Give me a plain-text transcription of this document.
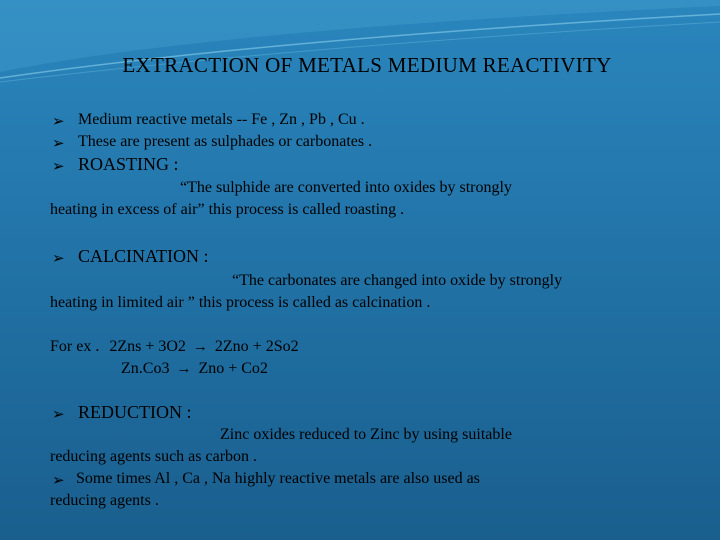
EXTRACTION OF METALS MEDIUM REACTIVITY
➢ Medium reactive metals -- Fe , Zn , Pb , Cu .
➢ These are present as sulphades or carbonates .
➢ ROASTING :
“The sulphide are converted into oxides by strongly
heating in excess of air” this process is called roasting .
➢ CALCINATION :
“The carbonates are changed into oxide by strongly
heating in limited air ” this process is called as calcination .
For ex . 2Zns + 3O2 → 2Zno + 2So2
Zn.Co3 → Zno + Co2
➢ REDUCTION :
Zinc oxides reduced to Zinc by using suitable
reducing agents such as carbon .
➢ Some times Al , Ca , Na highly reactive metals are also used as
reducing agents .
